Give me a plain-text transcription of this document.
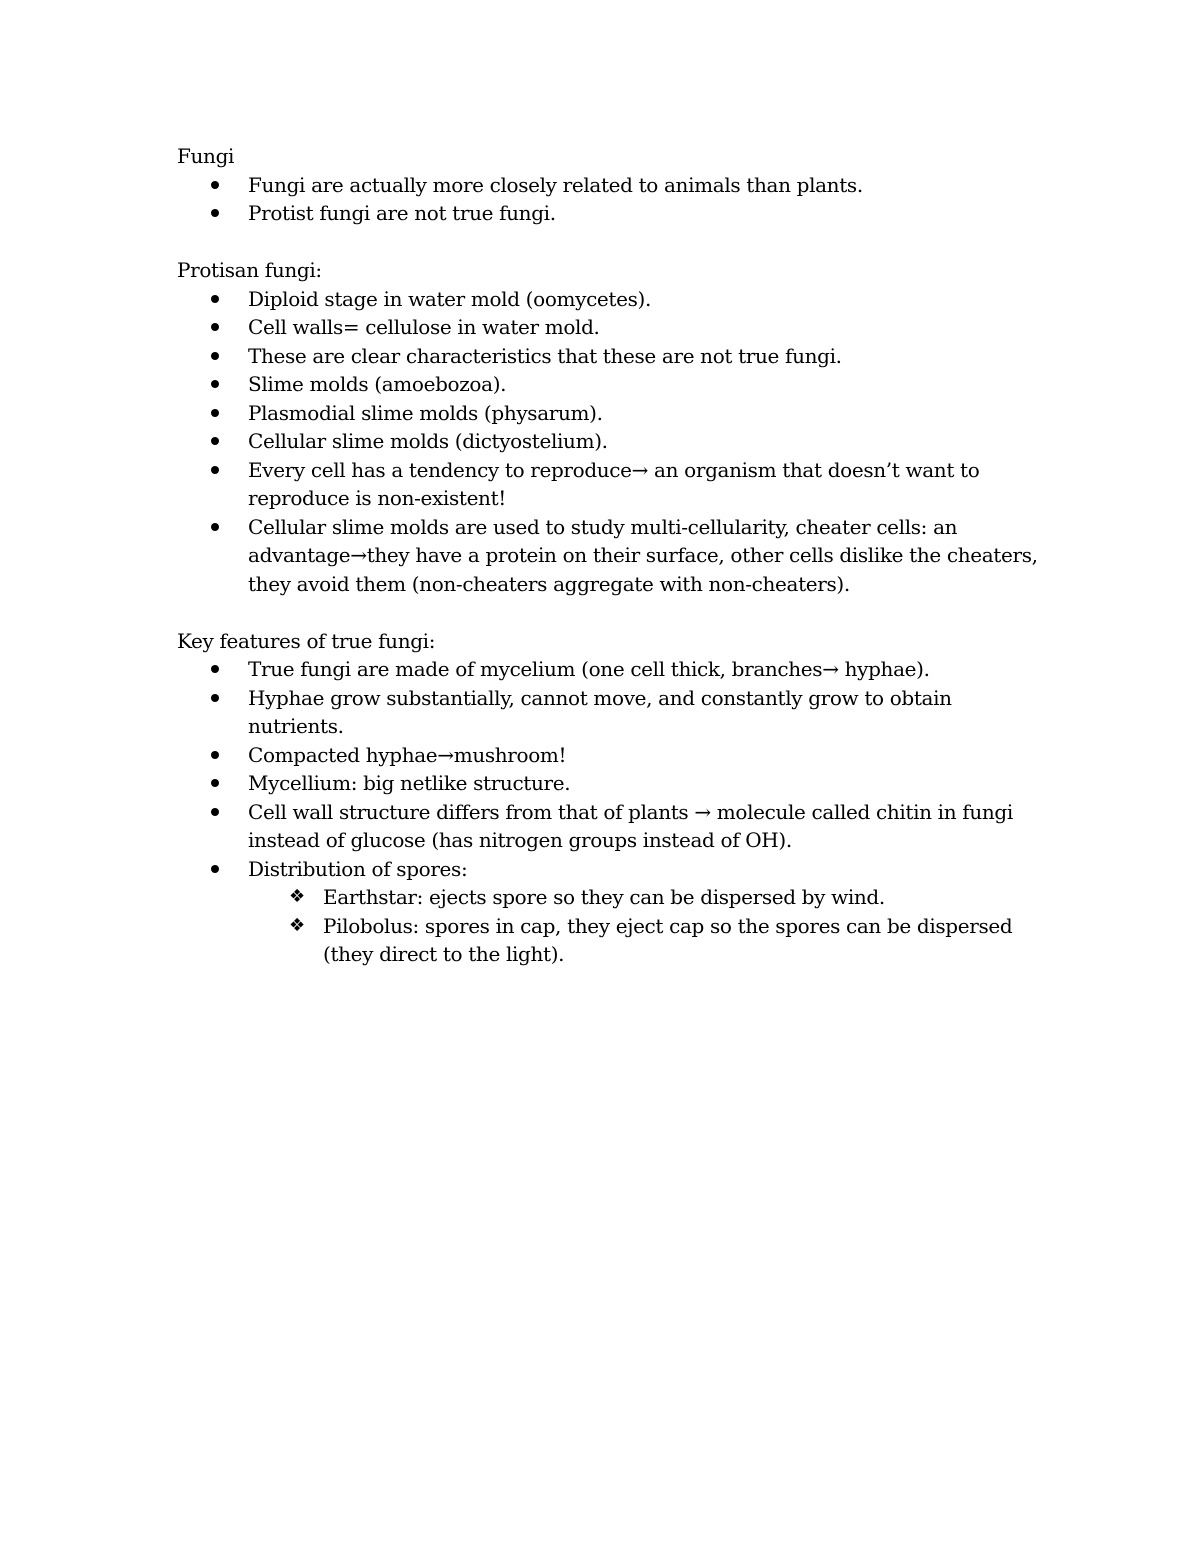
Fungi

Fungi are actually more closely related to animals than plants.
Protist fungi are not true fungi.

Protisan fungi:

Diploid stage in water mold (oomycetes).
Cell walls= cellulose in water mold.
These are clear characteristics that these are not true fungi.
Slime molds (amoebozoa).
Plasmodial slime molds (physarum).
Cellular slime molds (dictyostelium).
Every cell has a tendency to reproduce→ an organism that doesn’t want to reproduce is non-existent!
Cellular slime molds are used to study multi-cellularity, cheater cells: an advantage→they have a protein on their surface, other cells dislike the cheaters, they avoid them (non-cheaters aggregate with non-cheaters).

Key features of true fungi:

True fungi are made of mycelium (one cell thick, branches→ hyphae).
Hyphae grow substantially, cannot move, and constantly grow to obtain nutrients.
Compacted hyphae→mushroom!
Mycellium: big netlike structure.
Cell wall structure differs from that of plants → molecule called chitin in fungi instead of glucose (has nitrogen groups instead of OH).
Distribution of spores:
❖ Earthstar: ejects spore so they can be dispersed by wind.
❖ Pilobolus: spores in cap, they eject cap so the spores can be dispersed (they direct to the light).
